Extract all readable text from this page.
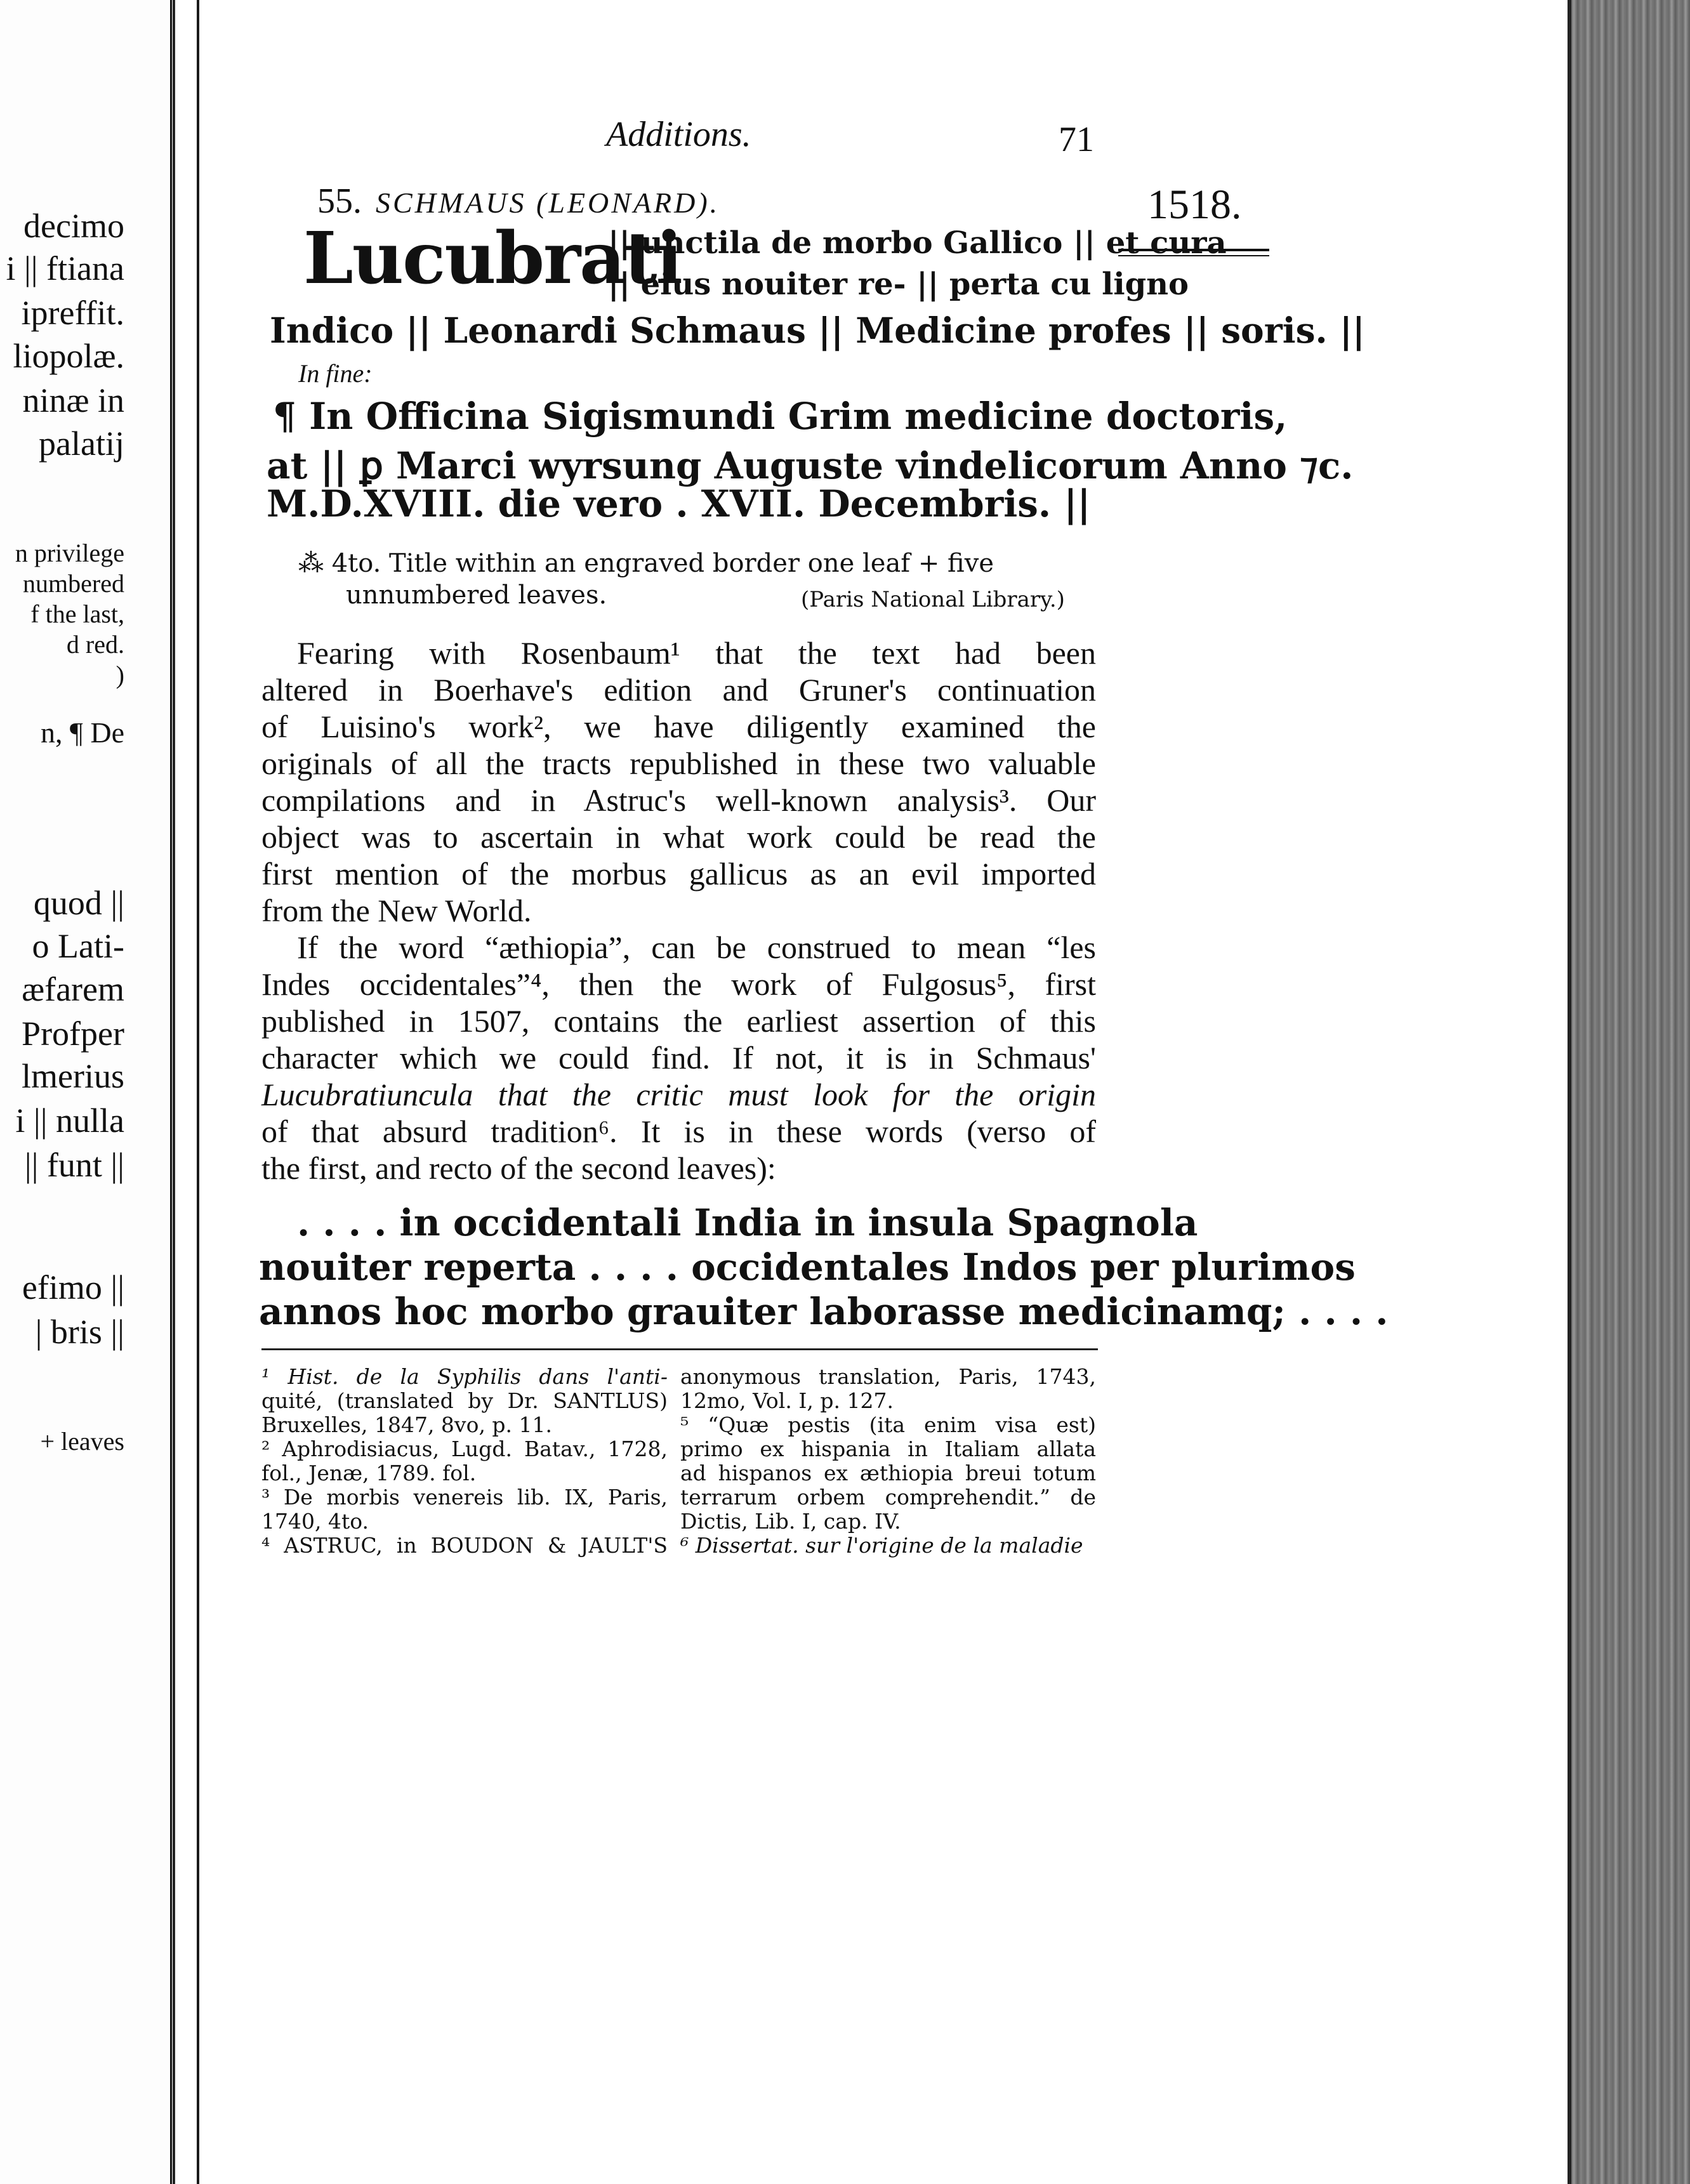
decimo
i || ftiana
ipreffit.
liopolæ.
ninæ in
palatij
n privilege
numbered
f the last,
d red.
)
n, ¶ De
quod ||
o Lati-
æfarem
Profper
lmerius
i || nulla
|| funt ||
efimo ||
| bris ||
+ leaves
Additions.	71
1518.
55. SCHMAUS (LEONARD).
Lucubrati
|| unctila de morbo Gallico || et cura
|| eius nouiter re- || perta cu ligno
Indico || Leonardi Schmaus || Medicine profes || soris. ||
In fine:
¶ In Officina Sigismundi Grim medicine doctoris,
at || ꝑ Marci wyrsung Auguste vindelicorum Anno ⁊c.
M.D.XVIII. die vero . XVII. Decembris. ||
⁂ 4to. Title within an engraved border one leaf + five
unnumbered leaves.	(Paris National Library.)
Fearing with Rosenbaum¹ that the text had been
altered in Boerhave's edition and Gruner's continuation
of Luisino's work², we have diligently examined the
originals of all the tracts republished in these two valuable
compilations and in Astruc's well-known analysis³. Our
object was to ascertain in what work could be read the
first mention of the morbus gallicus as an evil imported
from the New World.
If the word “æthiopia”, can be construed to mean “les
Indes occidentales”⁴, then the work of Fulgosus⁵, first
published in 1507, contains the earliest assertion of this
character which we could find. If not, it is in Schmaus'
Lucubratiuncula that the critic must look for the origin
of that absurd tradition⁶. It is in these words (verso of
the first, and recto of the second leaves):
. . . . in occidentali India in insula Spagnola
nouiter reperta . . . . occidentales Indos per plurimos
annos hoc morbo grauiter laborasse medicinamq; . . . .
¹ Hist. de la Syphilis dans l'anti-
quité, (translated by Dr. SANTLUS)
Bruxelles, 1847, 8vo, p. 11.
² Aphrodisiacus, Lugd. Batav., 1728,
fol., Jenæ, 1789. fol.
³ De morbis venereis lib. IX, Paris,
1740, 4to.
⁴ ASTRUC, in BOUDON & JAULT'S
anonymous translation, Paris, 1743,
12mo, Vol. I, p. 127.
⁵ “Quæ pestis (ita enim visa est)
primo ex hispania in Italiam allata
ad hispanos ex æthiopia breui totum
terrarum orbem comprehendit.” de
Dictis, Lib. I, cap. IV.
⁶ Dissertat. sur l'origine de la maladie
